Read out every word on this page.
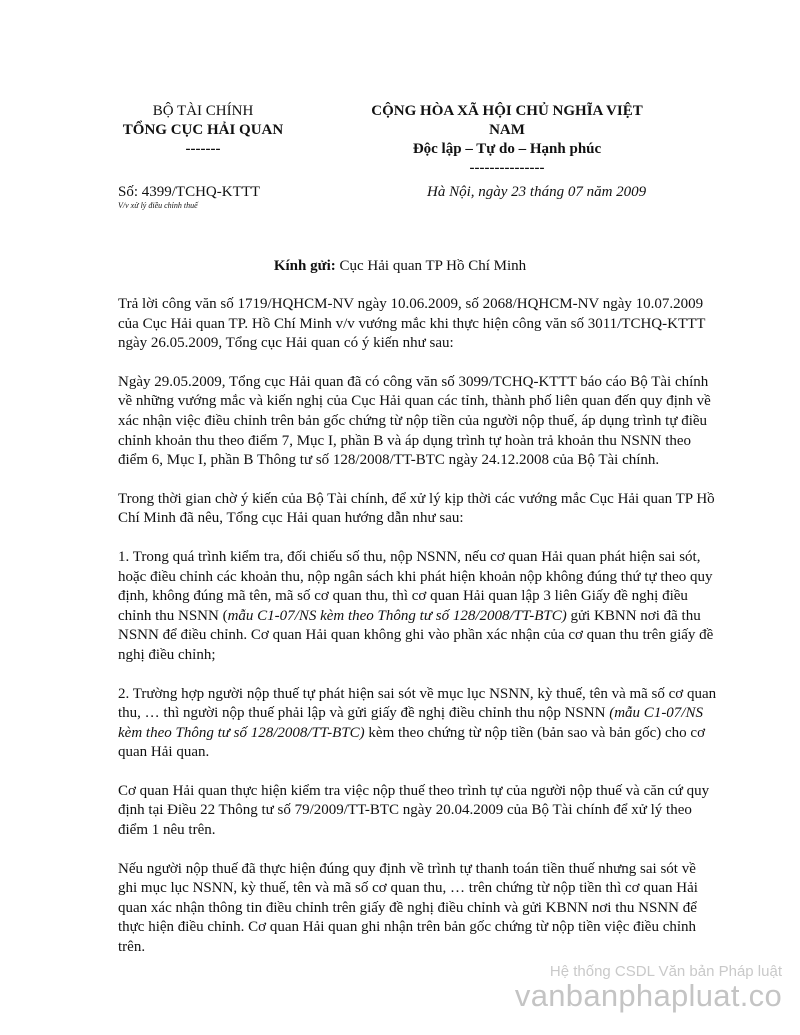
BỘ TÀI CHÍNH
TỔNG CỤC HẢI QUAN
-------
CỘNG HÒA XÃ HỘI CHỦ NGHĨA VIỆT
NAM
Độc lập – Tự do – Hạnh phúc
---------------
Số: 4399/TCHQ-KTTT
V/v xử lý điều chỉnh thuế
Hà Nội, ngày 23 tháng 07 năm 2009
Kính gửi: Cục Hải quan TP Hồ Chí Minh

Trả lời công văn số 1719/HQHCM-NV ngày 10.06.2009, số 2068/HQHCM-NV ngày 10.07.2009 của Cục Hải quan TP. Hồ Chí Minh v/v vướng mắc khi thực hiện công văn số 3011/TCHQ-KTTT ngày 26.05.2009, Tổng cục Hải quan có ý kiến như sau:

Ngày 29.05.2009, Tổng cục Hải quan đã có công văn số 3099/TCHQ-KTTT báo cáo Bộ Tài chính về những vướng mắc và kiến nghị của Cục Hải quan các tỉnh, thành phố liên quan đến quy định về xác nhận việc điều chỉnh trên bản gốc chứng từ nộp tiền của người nộp thuế, áp dụng trình tự điều chỉnh khoản thu theo điểm 7, Mục I, phần B và áp dụng trình tự hoàn trả khoản thu NSNN theo điểm 6, Mục I, phần B Thông tư số 128/2008/TT-BTC ngày 24.12.2008 của Bộ Tài chính.

Trong thời gian chờ ý kiến của Bộ Tài chính, để xử lý kịp thời các vướng mắc Cục Hải quan TP Hồ Chí Minh đã nêu, Tổng cục Hải quan hướng dẫn như sau:

1. Trong quá trình kiểm tra, đối chiếu số thu, nộp NSNN, nếu cơ quan Hải quan phát hiện sai sót, hoặc điều chỉnh các khoản thu, nộp ngân sách khi phát hiện khoản nộp không đúng thứ tự theo quy định, không đúng mã tên, mã số cơ quan thu, thì cơ quan Hải quan lập 3 liên Giấy đề nghị điều chỉnh thu NSNN (mẫu C1-07/NS kèm theo Thông tư số 128/2008/TT-BTC) gửi KBNN nơi đã thu NSNN để điều chỉnh. Cơ quan Hải quan không ghi vào phần xác nhận của cơ quan thu trên giấy đề nghị điều chỉnh;

2. Trường hợp người nộp thuế tự phát hiện sai sót về mục lục NSNN, kỳ thuế, tên và mã số cơ quan thu, … thì người nộp thuế phải lập và gửi giấy đề nghị điều chỉnh thu nộp NSNN (mẫu C1-07/NS kèm theo Thông tư số 128/2008/TT-BTC) kèm theo chứng từ nộp tiền (bản sao và bản gốc) cho cơ quan Hải quan.

Cơ quan Hải quan thực hiện kiểm tra việc nộp thuế theo trình tự của người nộp thuế và căn cứ quy định tại Điều 22 Thông tư số 79/2009/TT-BTC ngày 20.04.2009 của Bộ Tài chính để xử lý theo điểm 1 nêu trên.

Nếu người nộp thuế đã thực hiện đúng quy định về trình tự thanh toán tiền thuế nhưng sai sót về ghi mục lục NSNN, kỳ thuế, tên và mã số cơ quan thu, … trên chứng từ nộp tiền thì cơ quan Hải quan xác nhận thông tin điều chỉnh trên giấy đề nghị điều chỉnh và gửi KBNN nơi thu NSNN để thực hiện điều chỉnh. Cơ quan Hải quan ghi nhận trên bản gốc chứng từ nộp tiền việc điều chỉnh trên.

Hệ thống CSDL Văn bản Pháp luật
vanbanphapluat.co
